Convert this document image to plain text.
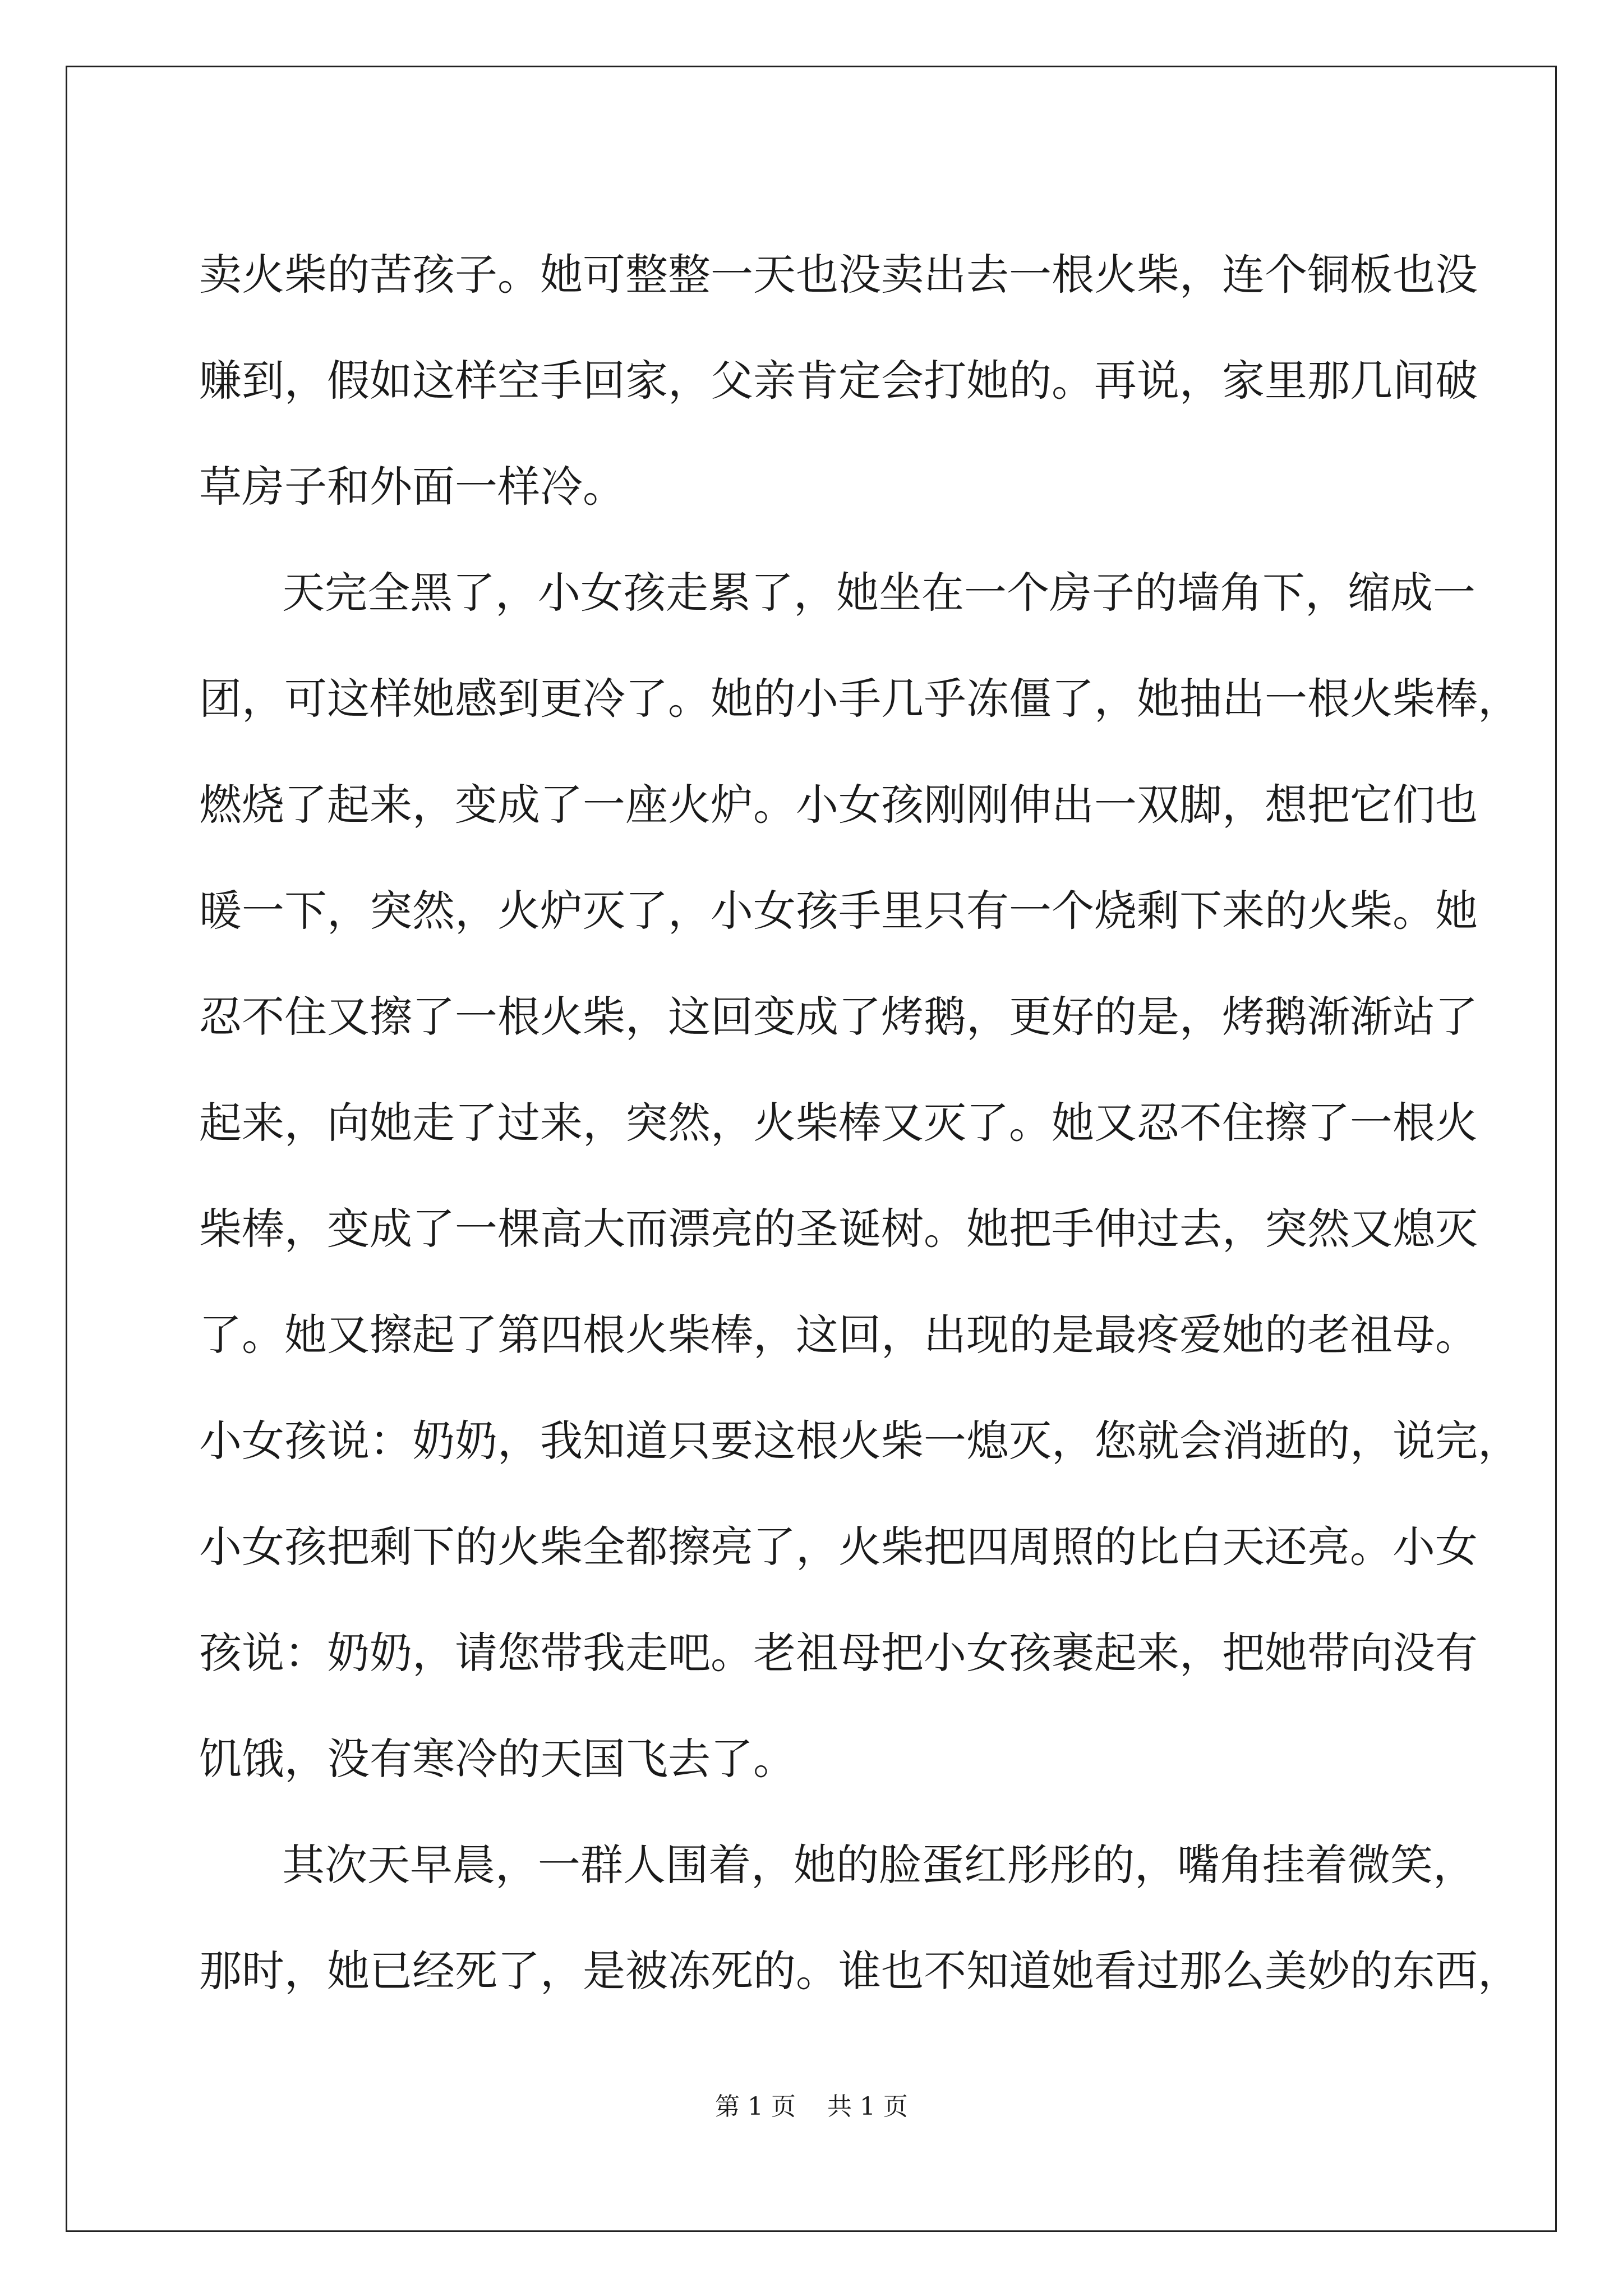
卖火柴的苦孩子。她可整整一天也没卖出去一根火柴，连个铜板也没
赚到，假如这样空手回家，父亲肯定会打她的。再说，家里那几间破
草房子和外面一样冷。
天完全黑了，小女孩走累了，她坐在一个房子的墙角下，缩成一
团，可这样她感到更冷了。她的小手几乎冻僵了，她抽出一根火柴棒，
燃烧了起来，变成了一座火炉。小女孩刚刚伸出一双脚，想把它们也
暖一下，突然，火炉灭了，小女孩手里只有一个烧剩下来的火柴。她
忍不住又擦了一根火柴，这回变成了烤鹅，更好的是，烤鹅渐渐站了
起来，向她走了过来，突然，火柴棒又灭了。她又忍不住擦了一根火
柴棒，变成了一棵高大而漂亮的圣诞树。她把手伸过去，突然又熄灭
了。她又擦起了第四根火柴棒，这回，出现的是最疼爱她的老祖母。
小女孩说：奶奶，我知道只要这根火柴一熄灭，您就会消逝的，说完，
小女孩把剩下的火柴全都擦亮了，火柴把四周照的比白天还亮。小女
孩说：奶奶，请您带我走吧。老祖母把小女孩裹起来，把她带向没有
饥饿，没有寒冷的天国飞去了。
其次天早晨，一群人围着，她的脸蛋红彤彤的，嘴角挂着微笑，
那时，她已经死了，是被冻死的。谁也不知道她看过那么美妙的东西，
第 1 页 共 1 页
